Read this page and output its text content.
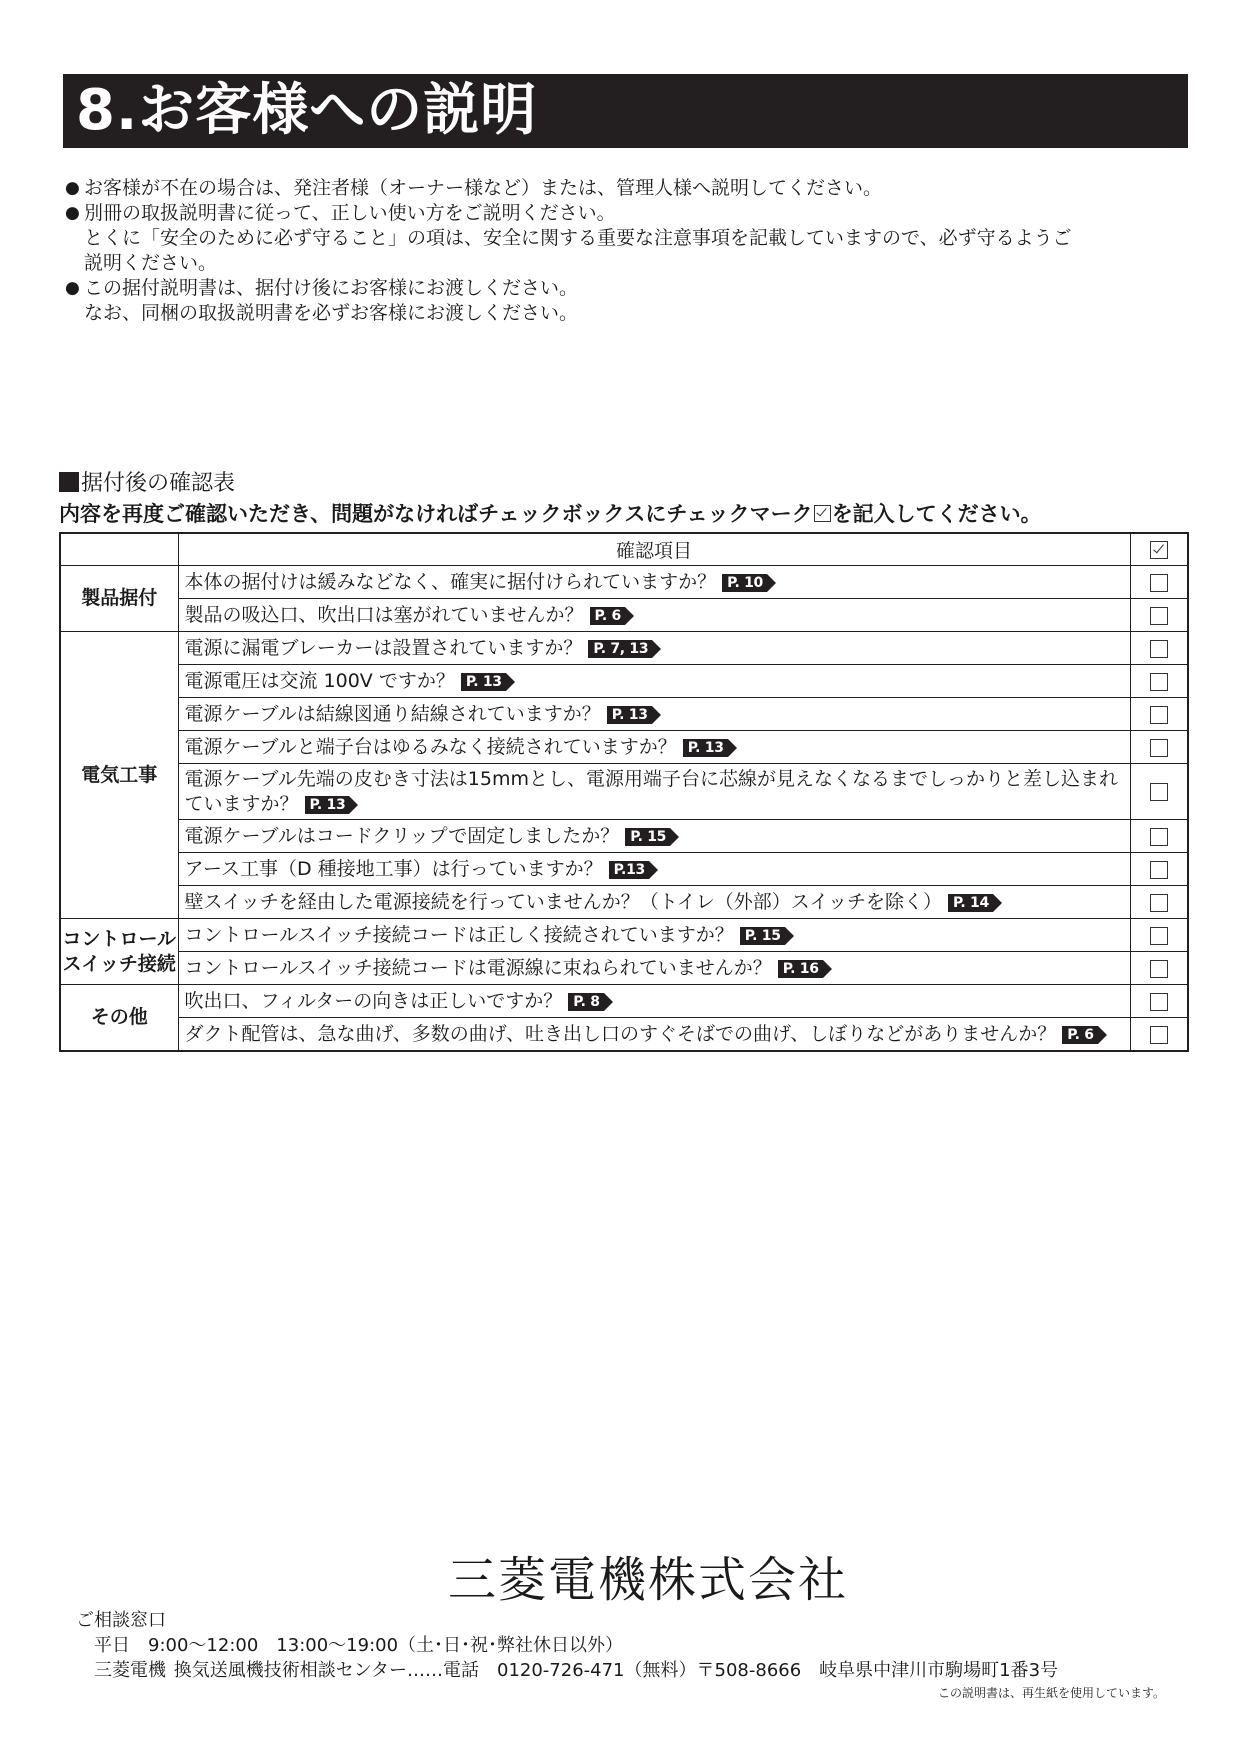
8.お客様への説明
● お客様が不在の場合は、発注者様（オーナー様など）または、管理人様へ説明してください。
● 別冊の取扱説明書に従って、正しい使い方をご説明ください。
とくに「安全のために必ず守ること」の項は、安全に関する重要な注意事項を記載していますので、必ず守るようご
説明ください。
● この据付説明書は、据付け後にお客様にお渡しください。
なお、同梱の取扱説明書を必ずお客様にお渡しください。
据付後の確認表
内容を再度ご確認いただき、問題がなければチェックボックスにチェックマーク を記入してください。
	確認項目	
製品据付	本体の据付けは緩みなどなく、確実に据付けられていますか？ P. 10	
	製品の吸込口、吹出口は塞がれていませんか？ P. 6	
電気工事	電源に漏電ブレーカーは設置されていますか？ P. 7, 13	
	電源電圧は交流 100V ですか？ P. 13	
	電源ケーブルは結線図通り結線されていますか？ P. 13	
	電源ケーブルと端子台はゆるみなく接続されていますか？ P. 13	
	電源ケーブル先端の皮むき寸法は15mmとし、電源用端子台に芯線が見えなくなるまでしっかりと差し込まれていますか？ P. 13	
	電源ケーブルはコードクリップで固定しましたか？ P. 15	
	アース工事（D 種接地工事）は行っていますか？ P.13	
	壁スイッチを経由した電源接続を行っていませんか？（トイレ（外部）スイッチを除く） P. 14	

コントロール
スイッチ接続	コントロールスイッチ接続コードは正しく接続されていますか？ P. 15	
	コントロールスイッチ接続コードは電源線に束ねられていませんか？ P. 16	
その他	吹出口、フィルターの向きは正しいですか？ P. 8	
	ダクト配管は、急な曲げ、多数の曲げ、吐き出し口のすぐそばでの曲げ、しぼりなどがありませんか？ P. 6	
三菱電機株式会社
ご相談窓口
平日　9:00〜12:00　13:00〜19:00（土･日･祝･弊社休日以外）
三菱電機 換気送風機技術相談センター……電話　0120-726-471（無料）〒508-8666　岐阜県中津川市駒場町1番3号
この説明書は、再生紙を使用しています。
